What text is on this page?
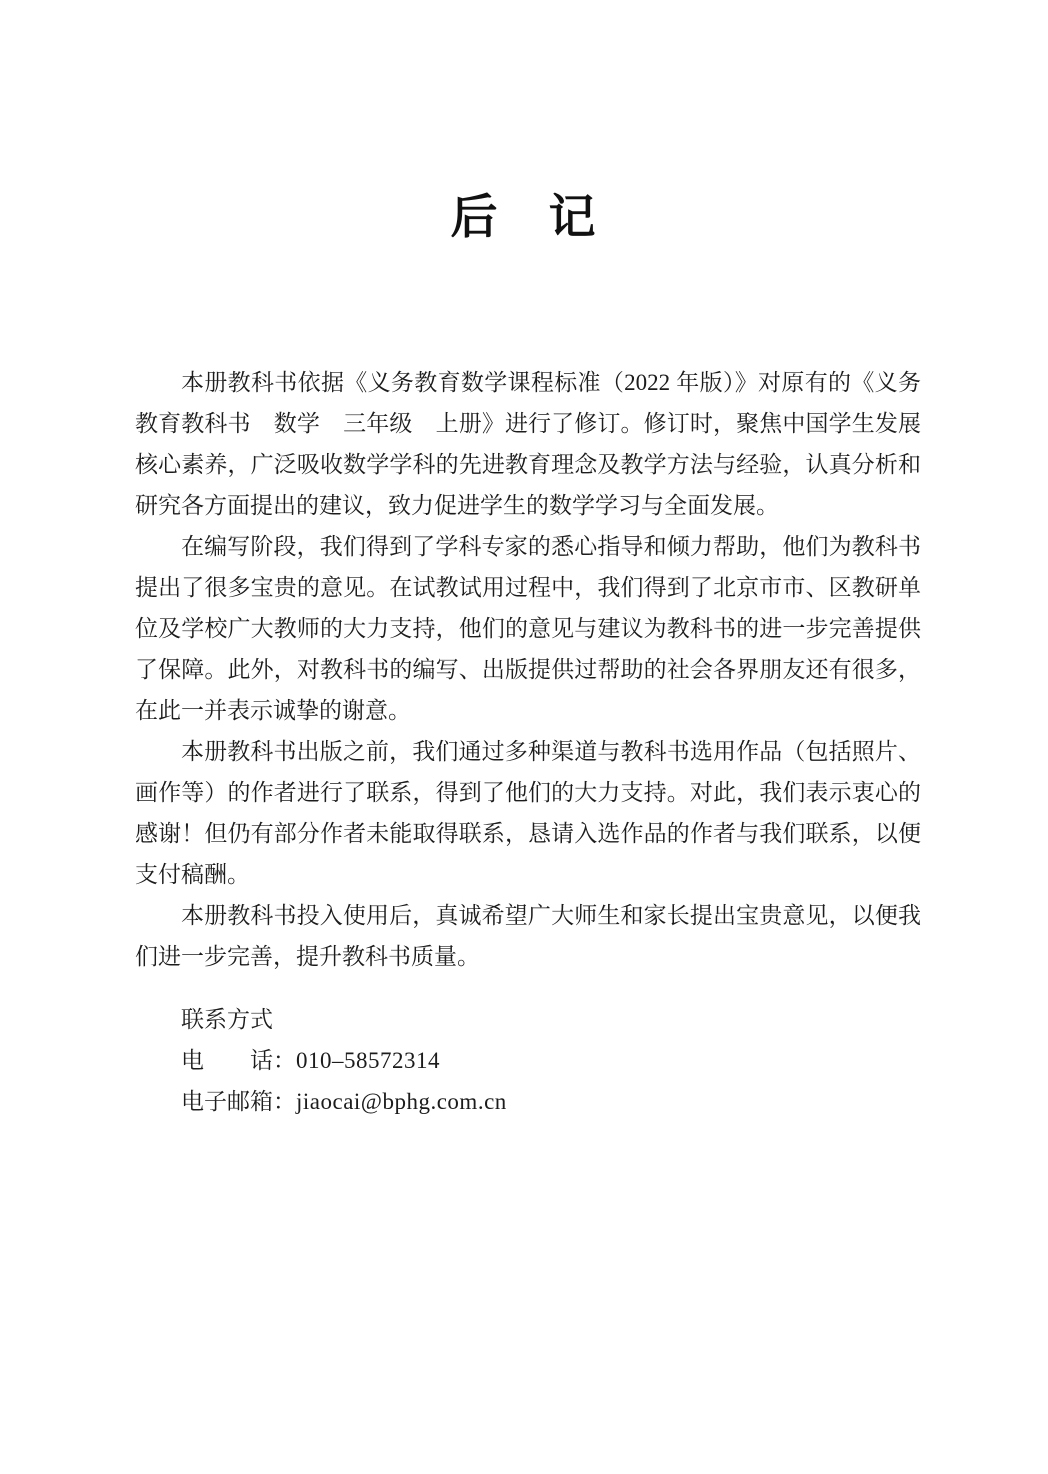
后　记

本册教科书依据《义务教育数学课程标准（2022 年版）》对原有的《义务教育教科书　数学　三年级　上册》进行了修订。修订时，聚焦中国学生发展核心素养，广泛吸收数学学科的先进教育理念及教学方法与经验，认真分析和研究各方面提出的建议，致力促进学生的数学学习与全面发展。

在编写阶段，我们得到了学科专家的悉心指导和倾力帮助，他们为教科书提出了很多宝贵的意见。在试教试用过程中，我们得到了北京市市、区教研单位及学校广大教师的大力支持，他们的意见与建议为教科书的进一步完善提供了保障。此外，对教科书的编写、出版提供过帮助的社会各界朋友还有很多，在此一并表示诚挚的谢意。

本册教科书出版之前，我们通过多种渠道与教科书选用作品（包括照片、画作等）的作者进行了联系，得到了他们的大力支持。对此，我们表示衷心的感谢！但仍有部分作者未能取得联系，恳请入选作品的作者与我们联系，以便支付稿酬。

本册教科书投入使用后，真诚希望广大师生和家长提出宝贵意见，以便我们进一步完善，提升教科书质量。

联系方式

电　　话：010–58572314

电子邮箱：jiaocai@bphg.com.cn
